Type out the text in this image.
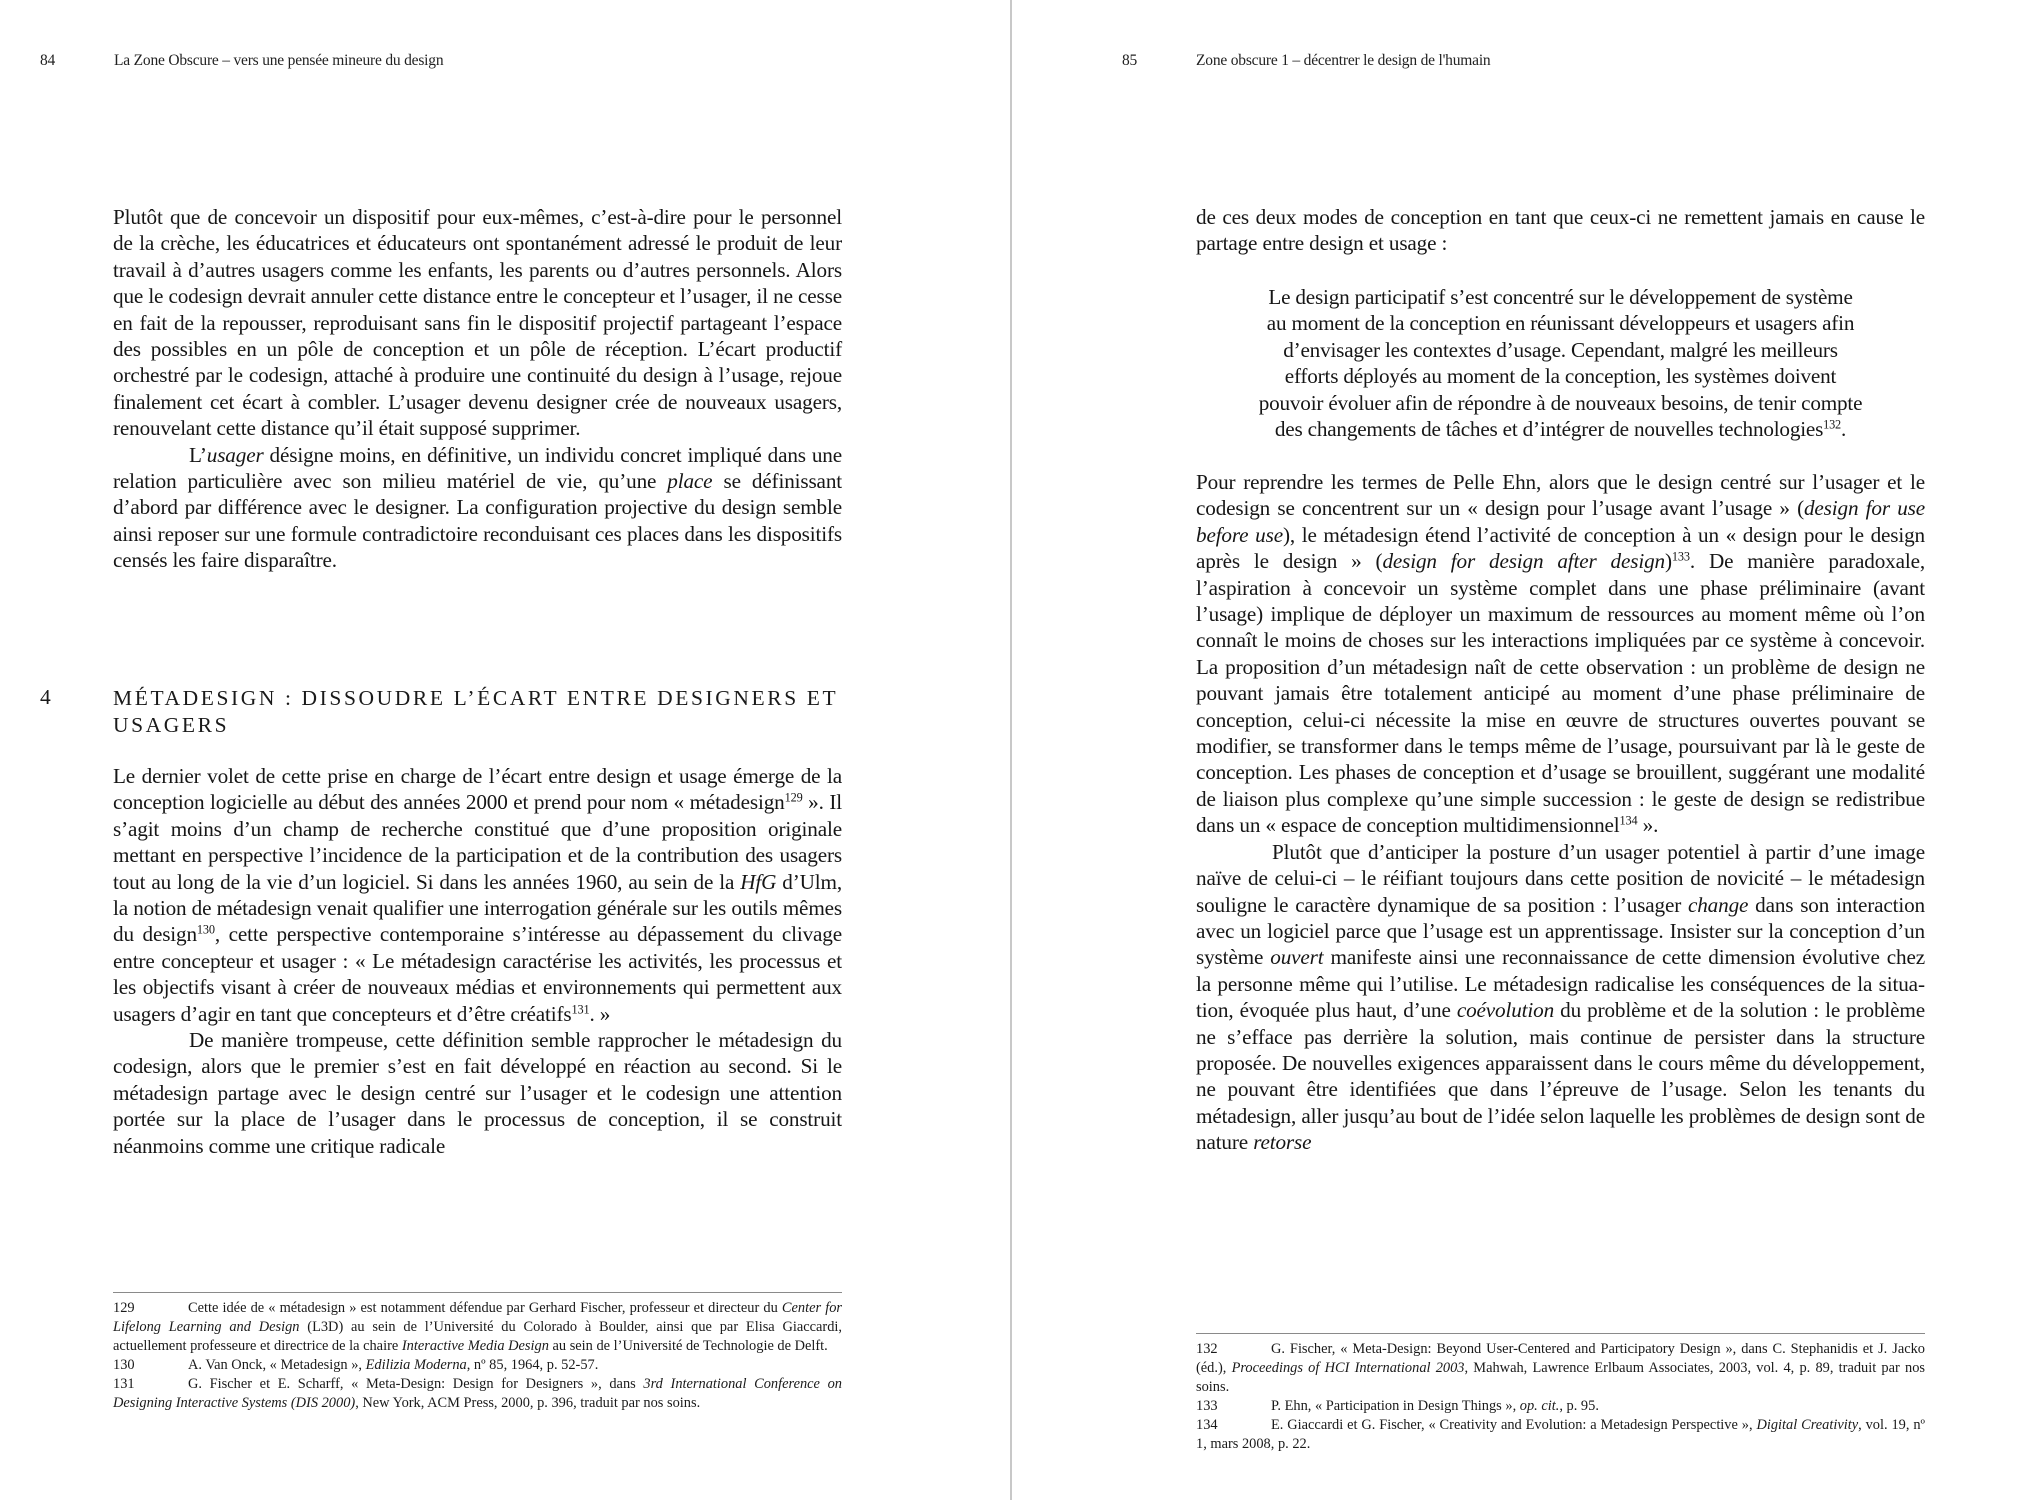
84	La Zone Obscure – vers une pensée mineure du design

Plutôt que de concevoir un dispositif pour eux-mêmes, c’est-à-dire pour le personnel de la crèche, les éducatrices et éducateurs ont spontanément adressé le produit de leur travail à d’autres usagers comme les enfants, les parents ou d’autres personnels. Alors que le codesign devrait annuler cette distance entre le concepteur et l’usager, il ne cesse en fait de la repousser, reproduisant sans fin le dispositif projectif partageant l’espace des possibles en un pôle de conception et un pôle de réception. L’écart productif orchestré par le codesign, attaché à produire une continuité du design à l’usage, rejoue finalement cet écart à combler. L’usager devenu designer crée de nouveaux usagers, renouvelant cette distance qu’il était supposé supprimer.

L’usager désigne moins, en définitive, un individu concret impliqué dans une relation particulière avec son milieu matériel de vie, qu’une place se définissant d’abord par différence avec le designer. La configuration projective du design semble ainsi reposer sur une formule contradictoire reconduisant ces places dans les dispositifs censés les faire disparaître.

4	MÉTADESIGN : DISSOUDRE L’ÉCART ENTRE DESIGNERS ET USAGERS

Le dernier volet de cette prise en charge de l’écart entre design et usage émerge de la conception logicielle au début des années 2000 et prend pour nom « métadesign$^{129}$ ». Il s’agit moins d’un champ de recherche constitué que d’une proposition originale mettant en perspective l’incidence de la participation et de la contribution des usagers tout au long de la vie d’un logiciel. Si dans les années 1960, au sein de la HfG d’Ulm, la notion de métadesign venait qualifier une interrogation générale sur les outils mêmes du design$^{130}$, cette perspective contemporaine s’intéresse au dépassement du clivage entre concepteur et usager : « Le métadesign caractérise les activités, les processus et les objectifs visant à créer de nouveaux médias et environnements qui permettent aux usagers d’agir en tant que concepteurs et d’être créatifs$^{131}$. »

De manière trompeuse, cette définition semble rapprocher le métadesign du codesign, alors que le premier s’est en fait développé en réaction au second. Si le métadesign partage avec le design centré sur l’usager et le codesign une attention portée sur la place de l’usager dans le processus de conception, il se construit néanmoins comme une critique radicale

129	Cette idée de « métadesign » est notamment défendue par Gerhard Fischer, professeur et directeur du Center for Lifelong Learning and Design (L3D) au sein de l’Université du Colorado à Boulder, ainsi que par Elisa Giaccardi, actuellement professeure et directrice de la chaire Interactive Media Design au sein de l’Université de Technologie de Delft.

130	A. Van Onck, « Metadesign », Edilizia Moderna, nº 85, 1964, p. 52-57.

131	G. Fischer et E. Scharff, « Meta-Design: Design for Designers », dans 3rd International Conference on Designing Interactive Systems (DIS 2000), New York, ACM Press, 2000, p. 396, traduit par nos soins.

85	Zone obscure 1 – décentrer le design de l'humain

de ces deux modes de conception en tant que ceux-ci ne remettent jamais en cause le partage entre design et usage :

Le design participatif s’est concentré sur le développement de système
au moment de la conception en réunissant développeurs et usagers afin
d’envisager les contextes d’usage. Cependant, malgré les meilleurs
efforts déployés au moment de la conception, les systèmes doivent
pouvoir évoluer afin de répondre à de nouveaux besoins, de tenir compte
des changements de tâches et d’intégrer de nouvelles technologies$^{132}$.

Pour reprendre les termes de Pelle Ehn, alors que le design centré sur l’usager et le codesign se concentrent sur un « design pour l’usage avant l’usage » (design for use before use), le métadesign étend l’activité de conception à un « design pour le design après le design » (design for design after design)$^{133}$. De manière paradoxale, l’aspiration à concevoir un système complet dans une phase préliminaire (avant l’usage) implique de déployer un maximum de ressources au moment même où l’on connaît le moins de choses sur les interactions impliquées par ce système à concevoir. La proposition d’un métadesign naît de cette observation : un problème de design ne pouvant jamais être totalement anticipé au moment d’une phase préliminaire de conception, celui-ci nécessite la mise en œuvre de structures ouvertes pouvant se modifier, se transformer dans le temps même de l’usage, poursuivant par là le geste de conception. Les phases de conception et d’usage se brouillent, suggérant une modalité de liaison plus complexe qu’une simple succession : le geste de design se redistribue dans un « espace de conception multidimensionnel$^{134}$ ».

Plutôt que d’anticiper la posture d’un usager potentiel à partir d’une image naïve de celui-ci – le réifiant toujours dans cette position de novicité – le métadesign souligne le caractère dynamique de sa position : l’usager change dans son interaction avec un logiciel parce que l’usage est un apprentissage. Insister sur la conception d’un système ouvert manifeste ainsi une reconnaissance de cette dimension évolutive chez la personne même qui l’utilise. Le métadesign radicalise les conséquences de la situation, évoquée plus haut, d’une coévolution du problème et de la solution : le problème ne s’efface pas derrière la solution, mais continue de persister dans la structure proposée. De nouvelles exigences apparaissent dans le cours même du développement, ne pouvant être identifiées que dans l’épreuve de l’usage. Selon les tenants du métadesign, aller jusqu’au bout de l’idée selon laquelle les problèmes de design sont de nature retorse

132	G. Fischer, « Meta-Design: Beyond User-Centered and Participatory Design », dans C. Stephanidis et J. Jacko (éd.), Proceedings of HCI International 2003, Mahwah, Lawrence Erlbaum Associates, 2003, vol. 4, p. 89, traduit par nos soins.

133	P. Ehn, « Participation in Design Things », op. cit., p. 95.

134	E. Giaccardi et G. Fischer, « Creativity and Evolution: a Metadesign Perspective », Digital Creativity, vol. 19, nº 1, mars 2008, p. 22.
